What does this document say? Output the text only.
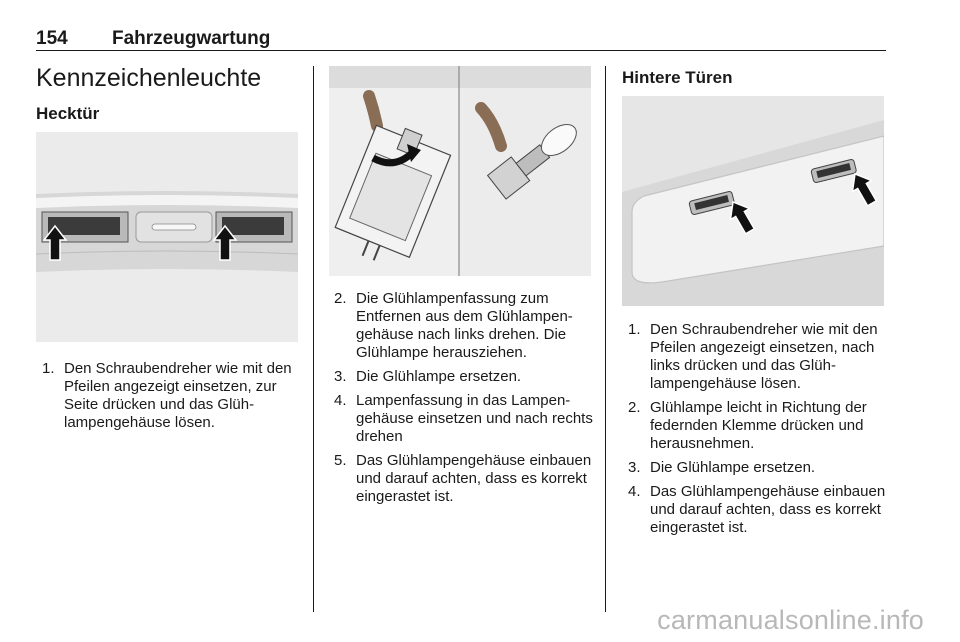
154 Fahrzeugwartung
Kennzeichenleuchte
Hecktür
1. Den Schraubendreher wie mit den Pfeilen angezeigt einsetzen, zur Seite drücken und das Glüh-lampengehäuse lösen.
2. Die Glühlampenfassung zum Entfernen aus dem Glühlampen-gehäuse nach links drehen. Die Glühlampe herausziehen.
3. Die Glühlampe ersetzen.
4. Lampenfassung in das Lampen-gehäuse einsetzen und nach rechts drehen
5. Das Glühlampengehäuse einbauen und darauf achten, dass es korrekt eingerastet ist.
Hintere Türen
1. Den Schraubendreher wie mit den Pfeilen angezeigt einsetzen, nach links drücken und das Glüh-lampengehäuse lösen.
2. Glühlampe leicht in Richtung der federnden Klemme drücken und herausnehmen.
3. Die Glühlampe ersetzen.
4. Das Glühlampengehäuse einbauen und darauf achten, dass es korrekt eingerastet ist.
carmanualsonline.info
